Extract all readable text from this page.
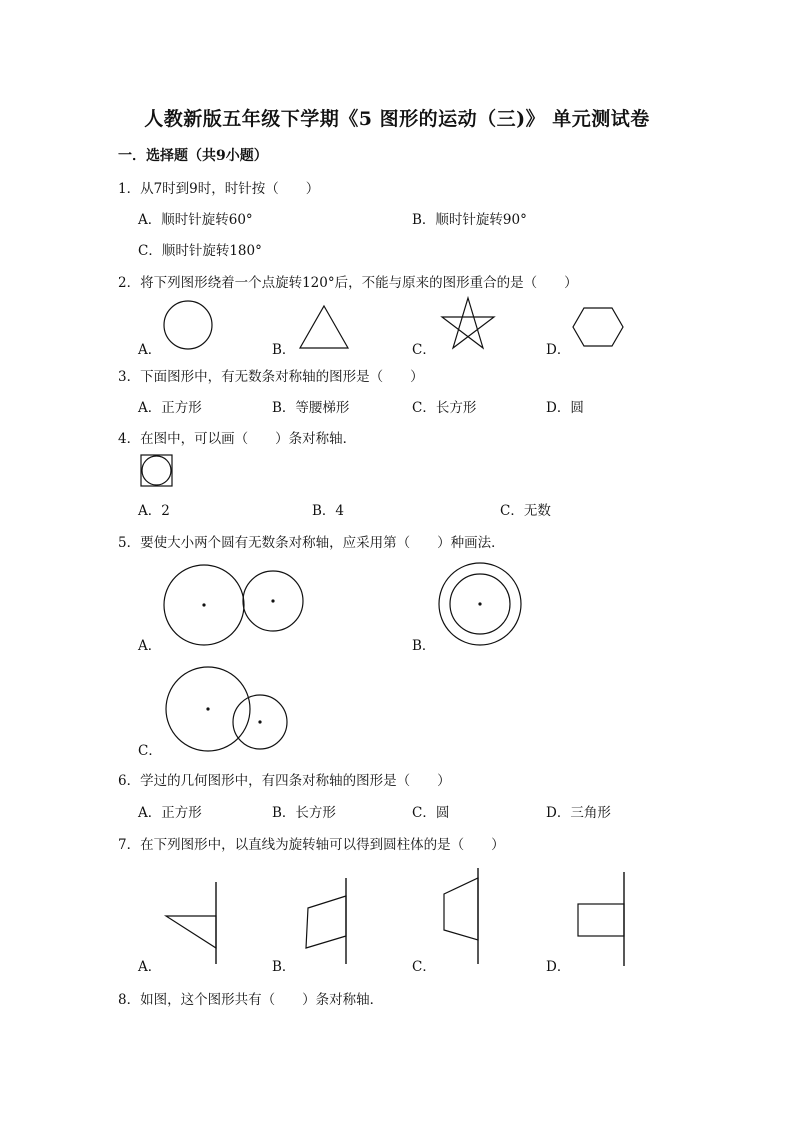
人教新版五年级下学期《5 图形的运动（三)》 单元测试卷
一．选择题（共9小题）
1．从7时到9时，时针按（　　）
A．顺时针旋转60°	B．顺时针旋转90°
C．顺时针旋转180°
2．将下列图形绕着一个点旋转120°后，不能与原来的图形重合的是（　　）
A．	B．	C．	D．
3．下面图形中，有无数条对称轴的图形是（　　）
A．正方形	B．等腰梯形	C．长方形	D．圆
4．在图中，可以画（　　）条对称轴．
A．2	B．4	C．无数
5．要使大小两个圆有无数条对称轴，应采用第（　　）种画法．
A．	B．
C．
6．学过的几何图形中，有四条对称轴的图形是（　　）
A．正方形	B．长方形	C．圆	D．三角形
7．在下列图形中，以直线为旋转轴可以得到圆柱体的是（　　）
A．	B．	C．	D．
8．如图，这个图形共有（　　）条对称轴．
